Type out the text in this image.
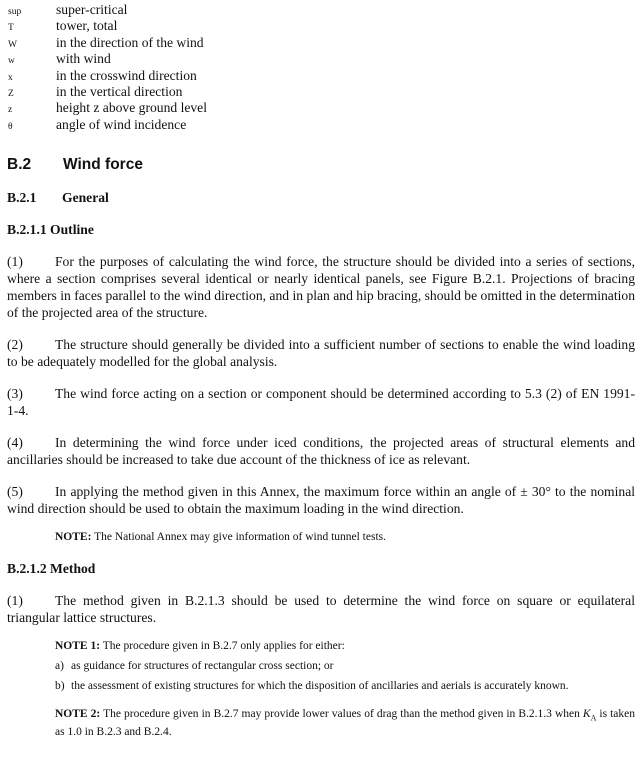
sup	super-critical
T	tower, total
W	in the direction of the wind
w	with wind
x	in the crosswind direction
Z	in the vertical direction
z	height z above ground level
θ	angle of wind incidence
B.2 Wind force
B.2.1 General
B.2.1.1 Outline

(1) For the purposes of calculating the wind force, the structure should be divided into a series of sections, where a section comprises several identical or nearly identical panels, see Figure B.2.1. Projections of bracing members in faces parallel to the wind direction, and in plan and hip bracing, should be omitted in the determination of the projected area of the structure.

(2) The structure should generally be divided into a sufficient number of sections to enable the wind loading to be adequately modelled for the global analysis.

(3) The wind force acting on a section or component should be determined according to 5.3 (2) of EN 1991-1-4.

(4) In determining the wind force under iced conditions, the projected areas of structural elements and ancillaries should be increased to take due account of the thickness of ice as relevant.

(5) In applying the method given in this Annex, the maximum force within an angle of ± 30° to the nominal wind direction should be used to obtain the maximum loading in the wind direction.

NOTE: The National Annex may give information of wind tunnel tests.
B.2.1.2 Method

(1) The method given in B.2.1.3 should be used to determine the wind force on square or equilateral triangular lattice structures.

NOTE 1: The procedure given in B.2.7 only applies for either:
a) as guidance for structures of rectangular cross section; or
b) the assessment of existing structures for which the disposition of ancillaries and aerials is accurately known.
NOTE 2: The procedure given in B.2.7 may provide lower values of drag than the method given in B.2.1.3 when $K_A$ is taken as 1.0 in B.2.3 and B.2.4.
